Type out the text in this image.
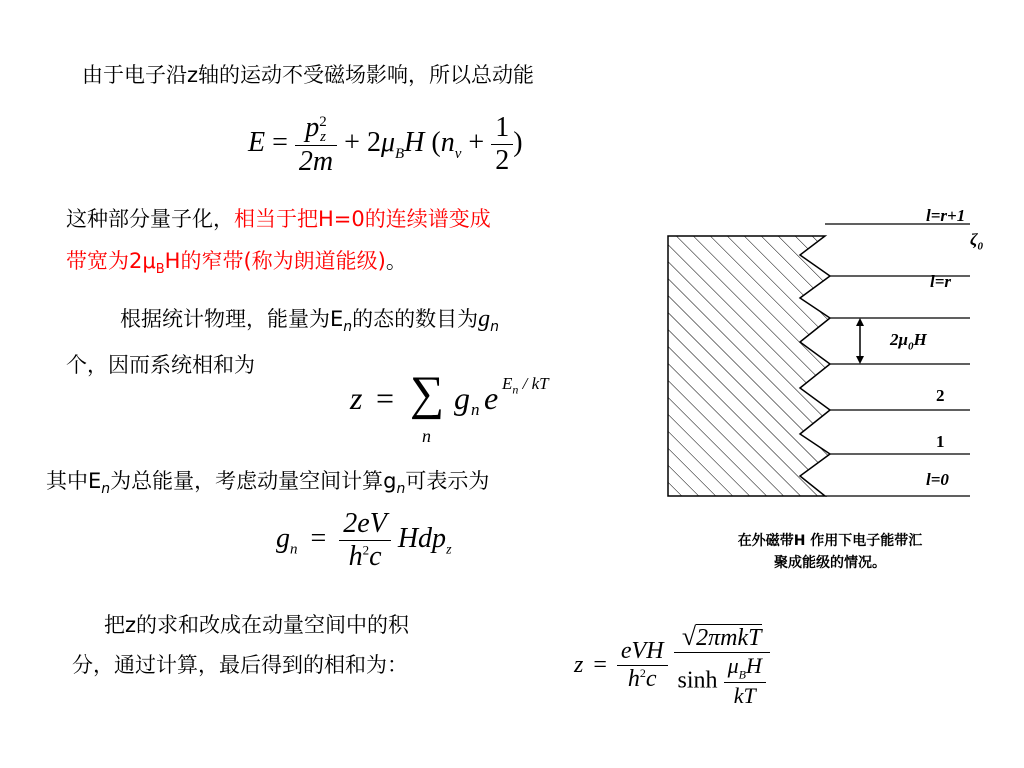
由于电子沿z轴的运动不受磁场影响，所以总动能
E = p 2
z
$2m + 2\mu_BH$ ($n_v + \frac{1}{2}$ )
这种部分量子化，相当于把H=0的连续谱变成
带宽为$2\mu_BH$的窄带(称为朗道能级)。
根据统计物理，能量为$E_n$的态的数目为$g_n$
个，因而系统相和为
z = ∑
n
g n e $E_n$ / kT
其中$E_n$为总能量，考虑动量空间计算$g_n$可表示为
$g_n = \frac{2eV}{h^2c} Hdp_z$
把z的求和改成在动量空间中的积
分，通过计算，最后得到的相和为：	$z = \frac{\text{eVH}}{h^2c}$
$\frac{\text{√2πmkT}}{\sinh \frac{\mu_BH}{kT}}$
l=r+1
$\zeta_0$
l=r
$2\mu_0H$
2
1
l=0
在外磁带H 作用下电子能带汇
聚成能级的情况。
